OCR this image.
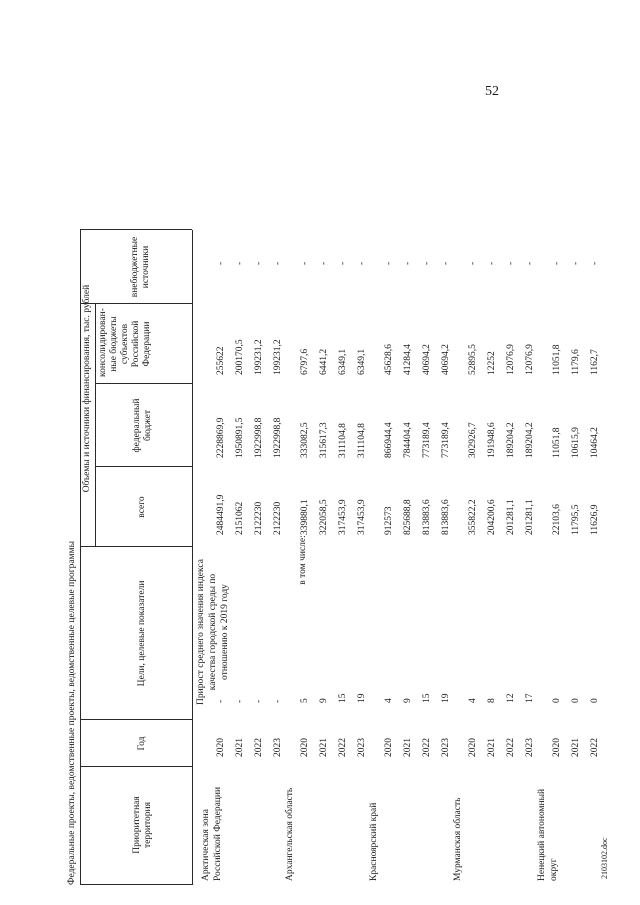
52
2103102.doc
Федеральные проекты, ведомственные проекты, ведомственные целевые программы
Объемы и источники финансирования, тыс. рублей
Приоритетная территория
Год
Цели, целевые показатели
всего
федеральный бюджет
консолидирован-ные бюджеты субъектов Российской Федерации
внебюджетные источники
Прирост среднего значения индекса качества городской среды по отношению к 2019 году
в том числе:
Арктическая зона Российской Федерации
2020
-
2484491,9
2228869,9
255622
-
2021
-
2151062
1950891,5
200170,5
-
2022
-
2122230
1922998,8
199231,2
-
2023
-
2122230
1922998,8
199231,2
-
Архангельская область
2020
5
339880,1
333082,5
6797,6
-
2021
9
322058,5
315617,3
6441,2
-
2022
15
317453,9
311104,8
6349,1
-
2023
19
317453,9
311104,8
6349,1
-
Красноярский край
2020
4
912573
866944,4
45628,6
-
2021
9
825688,8
784404,4
41284,4
-
2022
15
813883,6
773189,4
40694,2
-
2023
19
813883,6
773189,4
40694,2
-
Мурманская область
2020
4
355822,2
302926,7
52895,5
-
2021
8
204200,6
191948,6
12252
-
2022
12
201281,1
189204,2
12076,9
-
2023
17
201281,1
189204,2
12076,9
-
Ненецкий автономный округ
2020
0
22103,6
11051,8
11051,8
-
2021
0
11795,5
10615,9
1179,6
-
2022
0
11626,9
10464,2
1162,7
-
